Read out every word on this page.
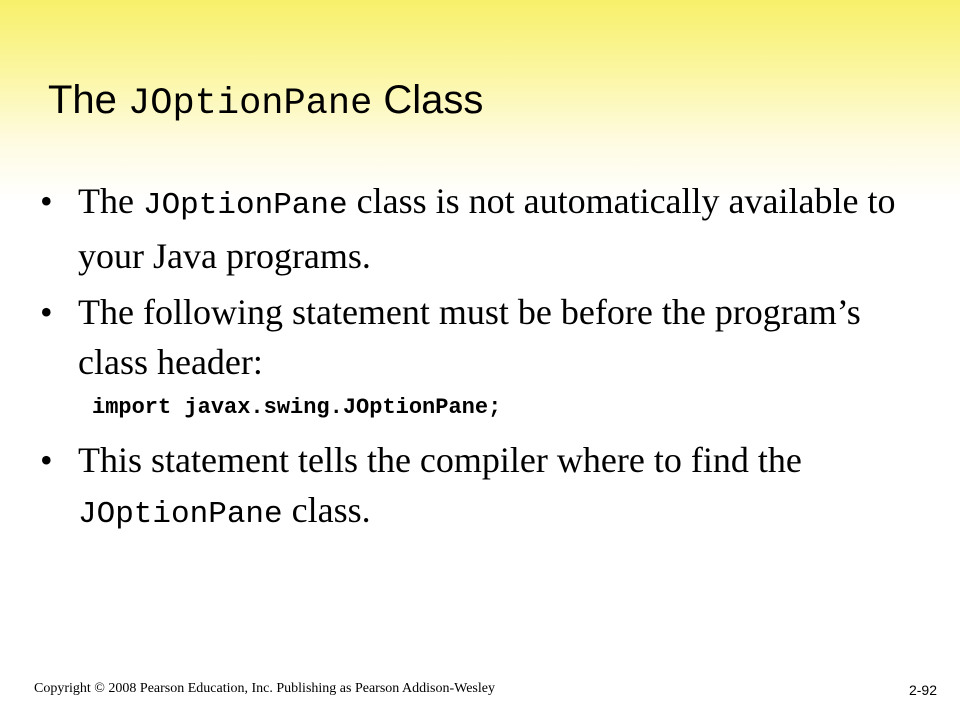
The JOptionPane Class
• The JOptionPane class is not automatically available to your Java programs.
• The following statement must be before the program’s class header:
import javax.swing.JOptionPane;
• This statement tells the compiler where to find the JOptionPane class.
Copyright © 2008 Pearson Education, Inc. Publishing as Pearson Addison-Wesley	2-92
